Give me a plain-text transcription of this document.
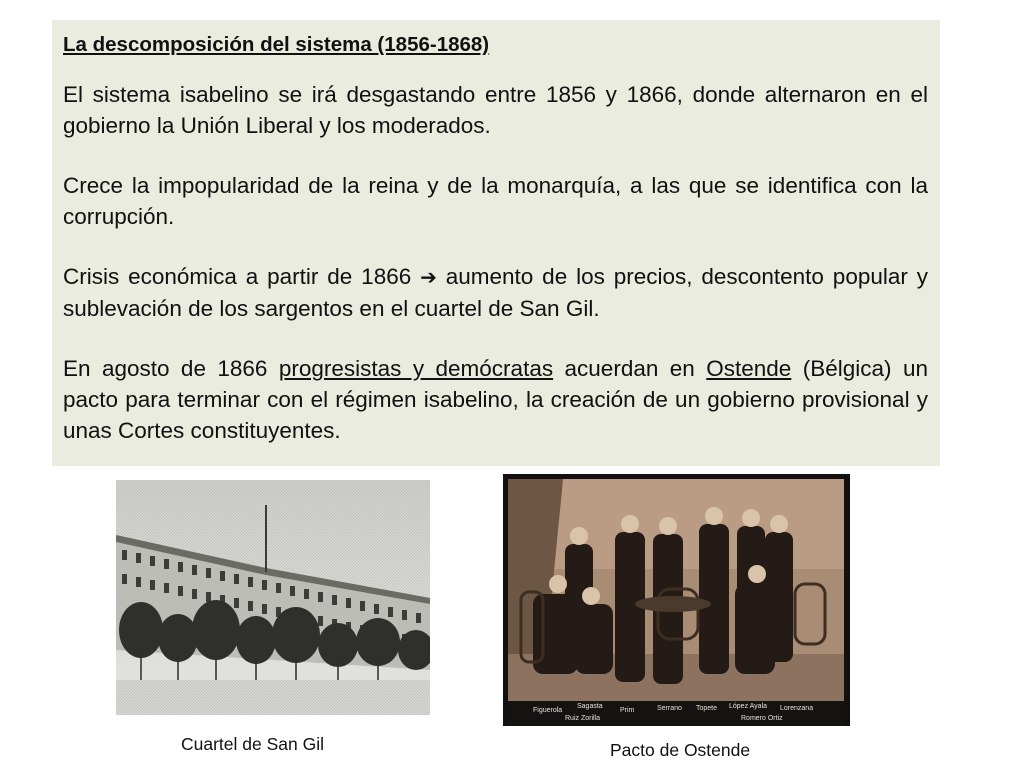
La descomposición del sistema (1856-1868)

El sistema isabelino se irá desgastando entre 1856 y 1866, donde alternaron en el gobierno la Unión Liberal y los moderados.

Crece la impopularidad de la reina y de la monarquía, a las que se identifica con la corrupción.

Crisis económica a partir de 1866 ➔ aumento de los precios, descontento popular y sublevación de los sargentos en el cuartel de San Gil.

En agosto de 1866 progresistas y demócratas acuerdan en Ostende (Bélgica) un pacto para terminar con el régimen isabelino, la creación de un gobierno provisional y unas Cortes constituyentes.

Figuerola
Sagasta
Prim	Serrano Topete López Ayala Lorenzana
Ruiz Zorilla	Romero Ortiz
Cuartel de San Gil	Pacto de Ostende
